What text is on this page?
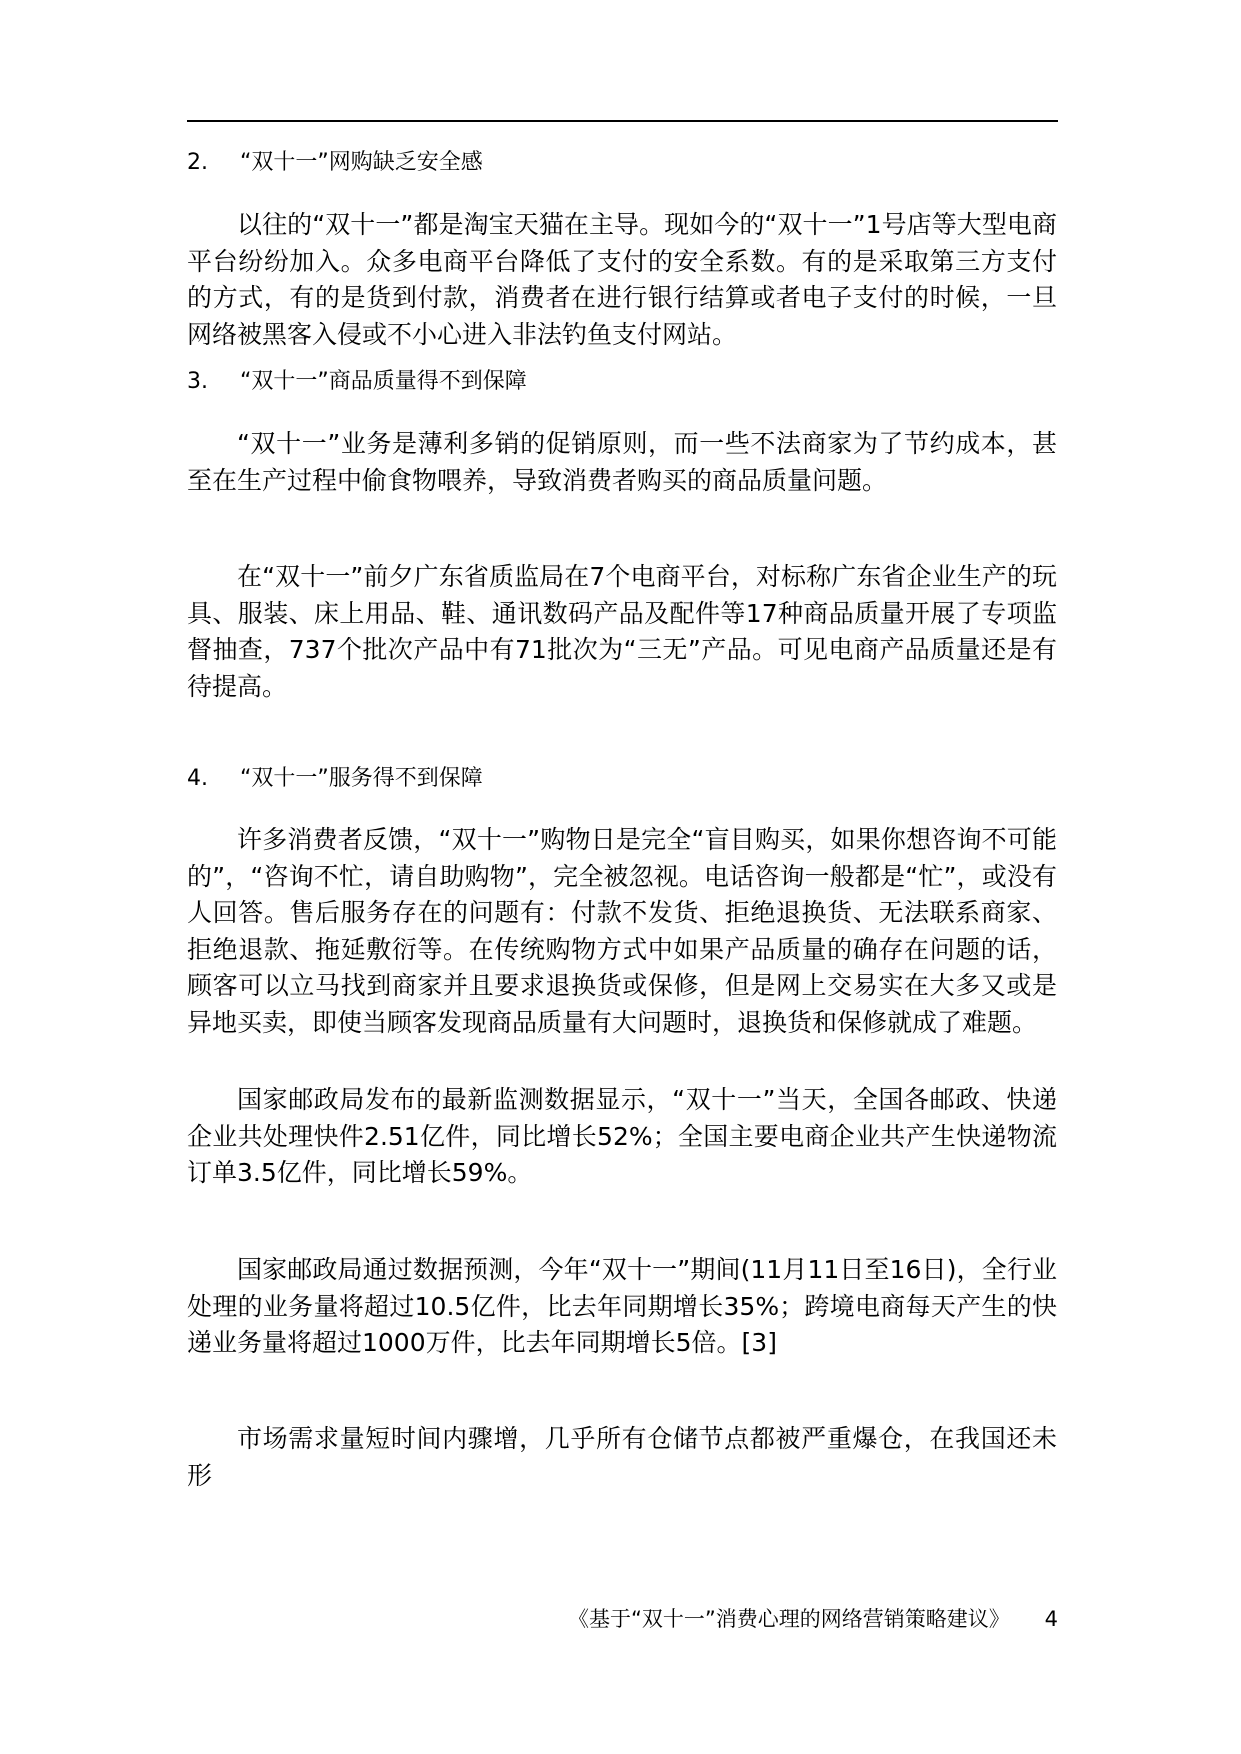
2. “双十一”网购缺乏安全感

以往的“双十一”都是淘宝天猫在主导。现如今的“双十一”1号店等大型电商平台纷纷加入。众多电商平台降低了支付的安全系数。有的是采取第三方支付的方式，有的是货到付款，消费者在进行银行结算或者电子支付的时候，一旦网络被黑客入侵或不小心进入非法钓鱼支付网站。

3. “双十一”商品质量得不到保障

“双十一”业务是薄利多销的促销原则，而一些不法商家为了节约成本，甚至在生产过程中偷食物喂养，导致消费者购买的商品质量问题。

在“双十一”前夕广东省质监局在7个电商平台，对标称广东省企业生产的玩具、服装、床上用品、鞋、通讯数码产品及配件等17种商品质量开展了专项监督抽查，737个批次产品中有71批次为“三无”产品。可见电商产品质量还是有待提高。

4. “双十一”服务得不到保障

许多消费者反馈，“双十一”购物日是完全“盲目购买，如果你想咨询不可能的”，“咨询不忙，请自助购物”，完全被忽视。电话咨询一般都是“忙”，或没有人回答。售后服务存在的问题有：付款不发货、拒绝退换货、无法联系商家、拒绝退款、拖延敷衍等。在传统购物方式中如果产品质量的确存在问题的话，顾客可以立马找到商家并且要求退换货或保修，但是网上交易实在大多又或是异地买卖，即使当顾客发现商品质量有大问题时，退换货和保修就成了难题。

国家邮政局发布的最新监测数据显示，“双十一”当天，全国各邮政、快递企业共处理快件2.51亿件，同比增长52%；全国主要电商企业共产生快递物流订单3.5亿件，同比增长59%。

国家邮政局通过数据预测，今年“双十一”期间(11月11日至16日)，全行业处理的业务量将超过10.5亿件，比去年同期增长35%；跨境电商每天产生的快递业务量将超过1000万件，比去年同期增长5倍。[3]

市场需求量短时间内骤增，几乎所有仓储节点都被严重爆仓，在我国还未形

《基于“双十一”消费心理的网络营销策略建议》 4
